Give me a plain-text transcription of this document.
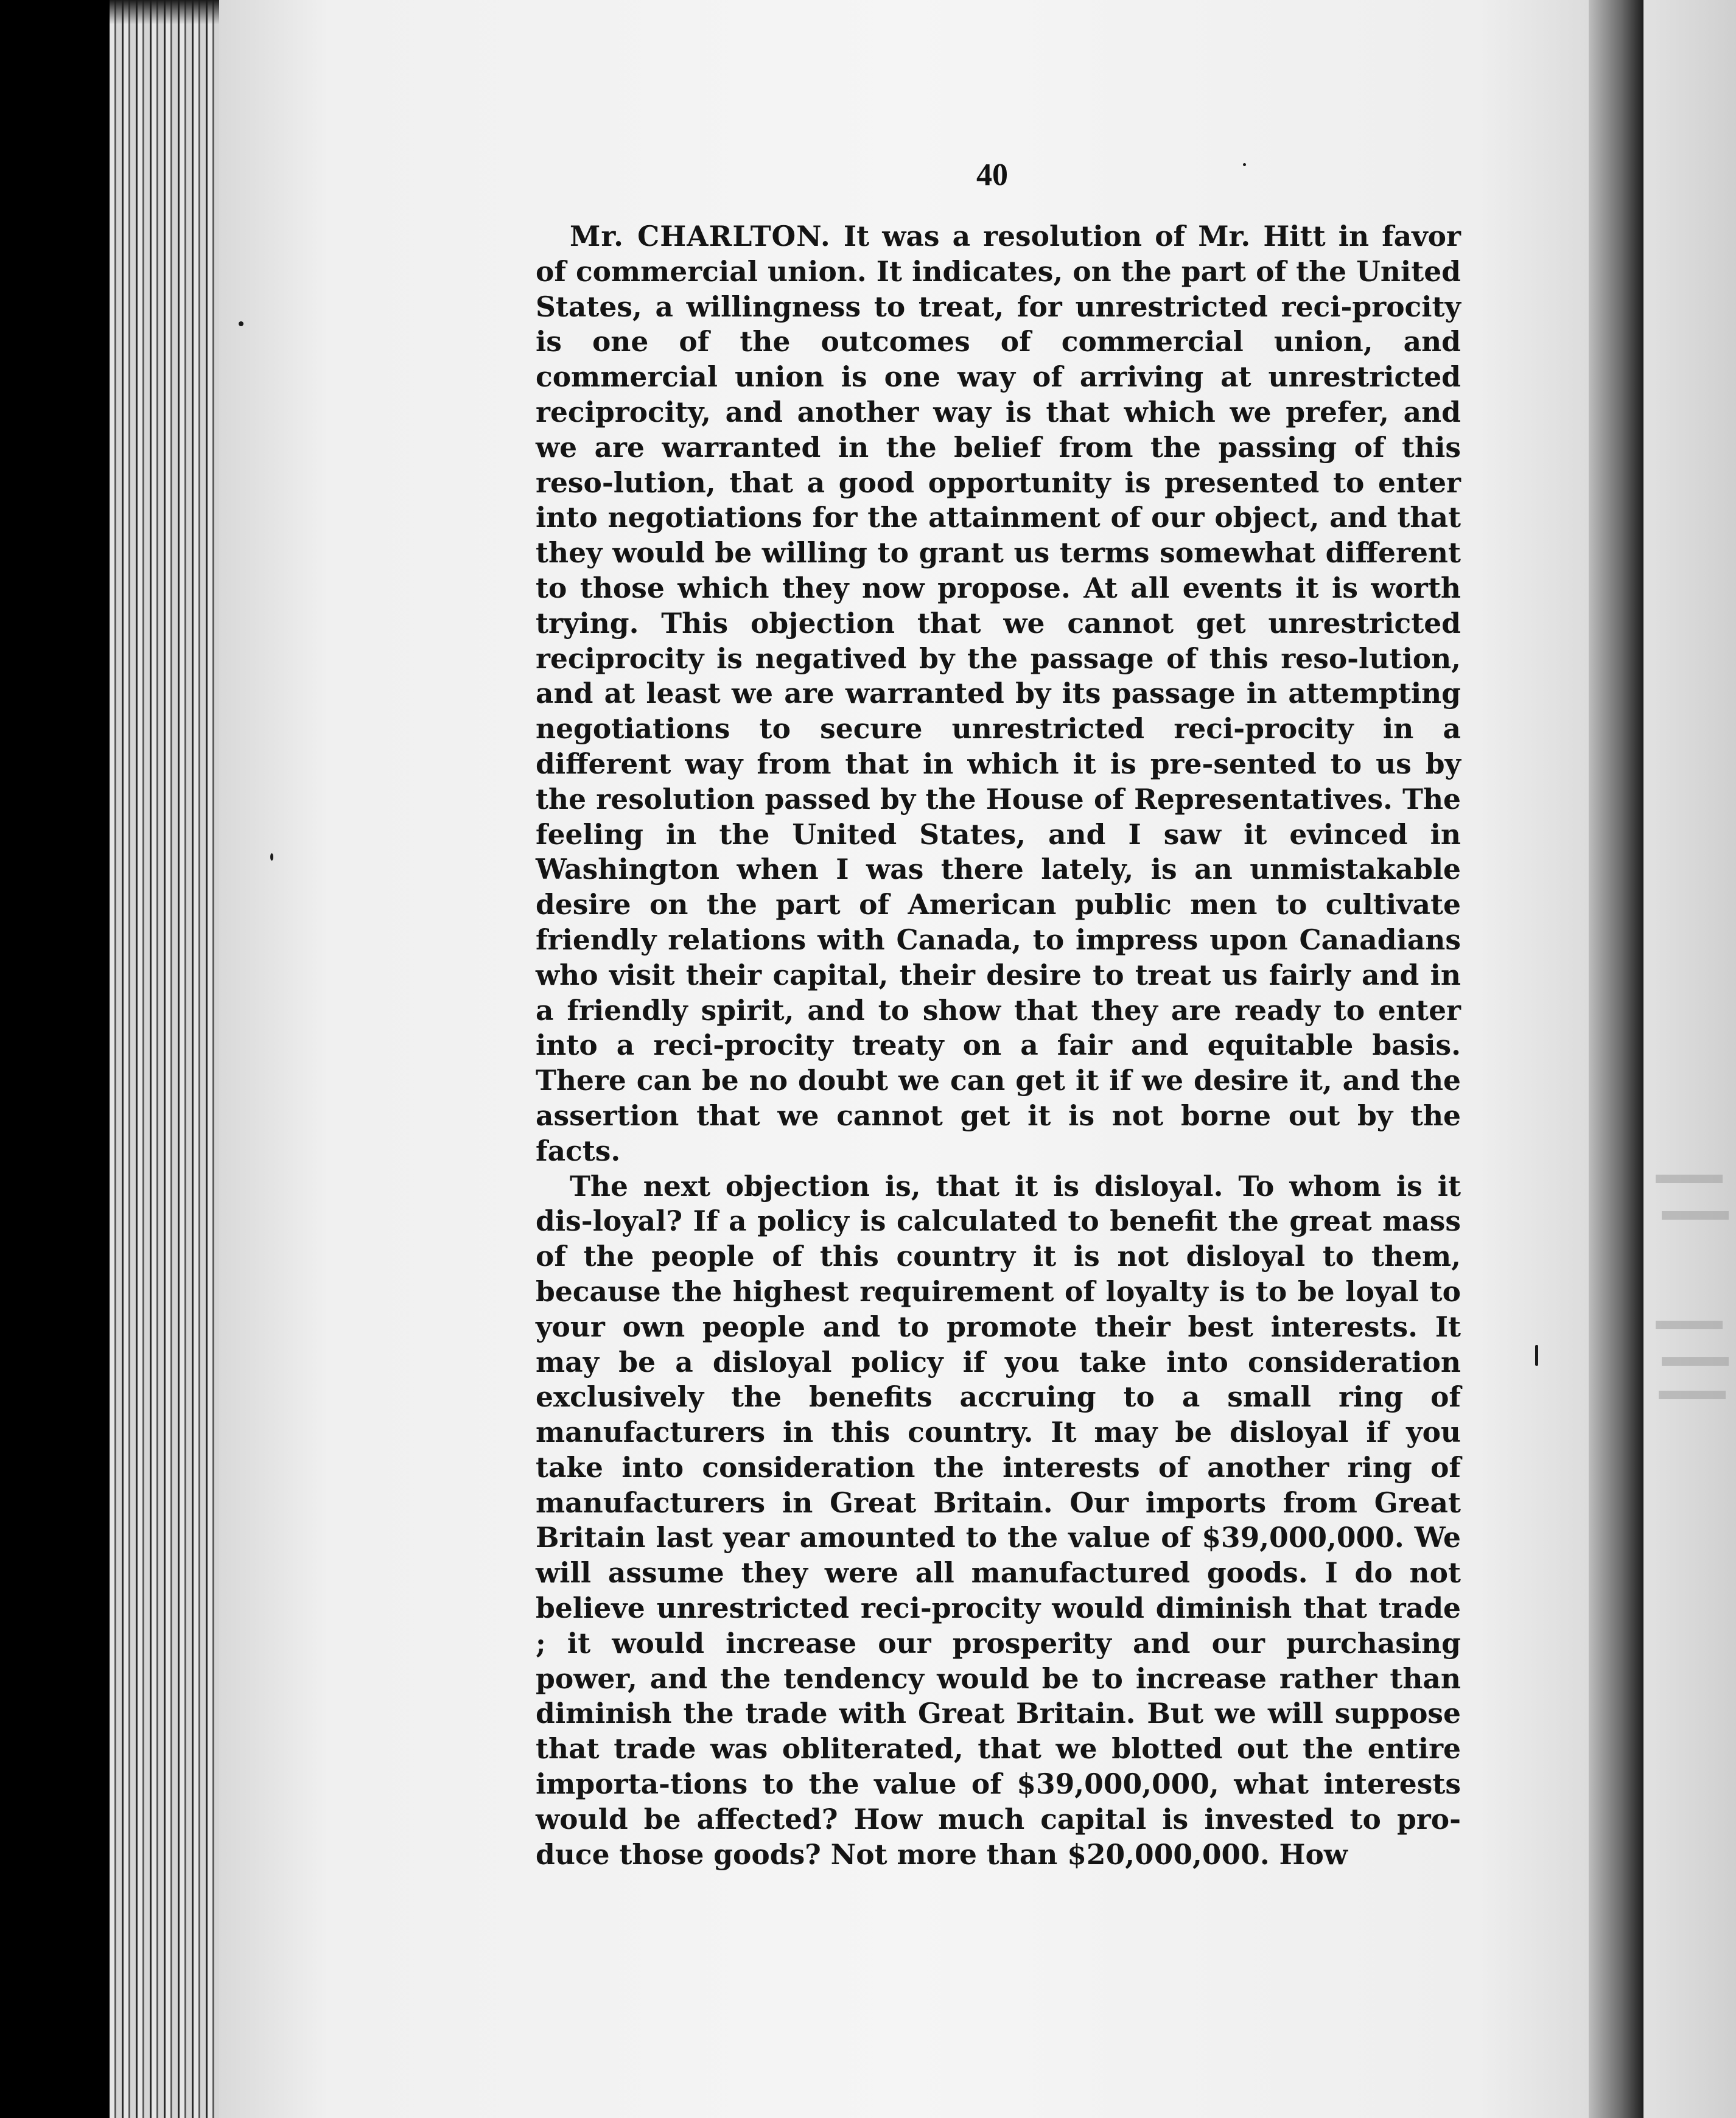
40

Mr. CHARLTON. It was a resolution of Mr. Hitt in favor of commercial union. It indicates, on the part of the United States, a willingness to treat, for unrestricted reci-procity is one of the outcomes of commercial union, and commercial union is one way of arriving at unrestricted reciprocity, and another way is that which we prefer, and we are warranted in the belief from the passing of this reso-lution, that a good opportunity is presented to enter into negotiations for the attainment of our object, and that they would be willing to grant us terms somewhat different to those which they now propose. At all events it is worth trying. This objection that we cannot get unrestricted reciprocity is negatived by the passage of this reso-lution, and at least we are warranted by its passage in attempting negotiations to secure unrestricted reci-procity in a different way from that in which it is pre-sented to us by the resolution passed by the House of Representatives. The feeling in the United States, and I saw it evinced in Washington when I was there lately, is an unmistakable desire on the part of American public men to cultivate friendly relations with Canada, to impress upon Canadians who visit their capital, their desire to treat us fairly and in a friendly spirit, and to show that they are ready to enter into a reci-procity treaty on a fair and equitable basis. There can be no doubt we can get it if we desire it, and the assertion that we cannot get it is not borne out by the facts.

The next objection is, that it is disloyal. To whom is it dis-loyal? If a policy is calculated to benefit the great mass of the people of this country it is not disloyal to them, because the highest requirement of loyalty is to be loyal to your own people and to promote their best interests. It may be a disloyal policy if you take into consideration exclusively the benefits accruing to a small ring of manufacturers in this country. It may be disloyal if you take into consideration the interests of another ring of manufacturers in Great Britain. Our imports from Great Britain last year amounted to the value of $39,000,000. We will assume they were all manufactured goods. I do not believe unrestricted reci-procity would diminish that trade ; it would increase our prosperity and our purchasing power, and the tendency would be to increase rather than diminish the trade with Great Britain. But we will suppose that trade was obliterated, that we blotted out the entire importa-tions to the value of $39,000,000, what interests would be affected? How much capital is invested to pro-duce those goods? Not more than $20,000,000. How
